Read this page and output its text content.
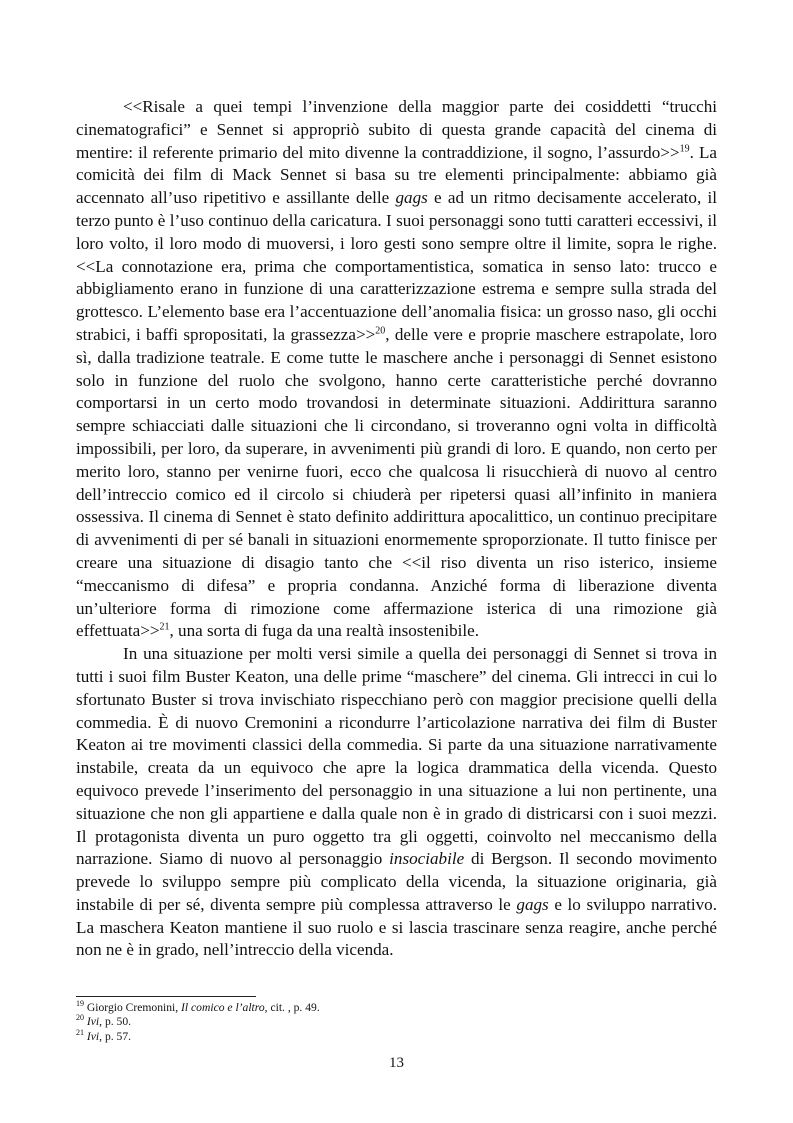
<<Risale a quei tempi l’invenzione della maggior parte dei cosiddetti “trucchi cinematografici” e Sennet si appropriò subito di questa grande capacità del cinema di mentire: il referente primario del mito divenne la contraddizione, il sogno, l’assurdo>>$^{19}$. La comicità dei film di Mack Sennet si basa su tre elementi principalmente: abbiamo già accennato all’uso ripetitivo e assillante delle gags e ad un ritmo decisamente accelerato, il terzo punto è l’uso continuo della caricatura. I suoi personaggi sono tutti caratteri eccessivi, il loro volto, il loro modo di muoversi, i loro gesti sono sempre oltre il limite, sopra le righe. <<La connotazione era, prima che comportamentistica, somatica in senso lato: trucco e abbigliamento erano in funzione di una caratterizzazione estrema e sempre sulla strada del grottesco. L’elemento base era l’accentuazione dell’anomalia fisica: un grosso naso, gli occhi strabici, i baffi spropositati, la grassezza>>$^{20}$, delle vere e proprie maschere estrapolate, loro sì, dalla tradizione teatrale. E come tutte le maschere anche i personaggi di Sennet esistono solo in funzione del ruolo che svolgono, hanno certe caratteristiche perché dovranno comportarsi in un certo modo trovandosi in determinate situazioni. Addirittura saranno sempre schiacciati dalle situazioni che li circondano, si troveranno ogni volta in difficoltà impossibili, per loro, da superare, in avvenimenti più grandi di loro. E quando, non certo per merito loro, stanno per venirne fuori, ecco che qualcosa li risucchierà di nuovo al centro dell’intreccio comico ed il circolo si chiuderà per ripetersi quasi all’infinito in maniera ossessiva. Il cinema di Sennet è stato definito addirittura apocalittico, un continuo precipitare di avvenimenti di per sé banali in situazioni enormemente sproporzionate. Il tutto finisce per creare una situazione di disagio tanto che <<il riso diventa un riso isterico, insieme “meccanismo di difesa” e propria condanna. Anziché forma di liberazione diventa un’ulteriore forma di rimozione come affermazione isterica di una rimozione già effettuata>>$^{21}$, una sorta di fuga da una realtà insostenibile.

In una situazione per molti versi simile a quella dei personaggi di Sennet si trova in tutti i suoi film Buster Keaton, una delle prime “maschere” del cinema. Gli intrecci in cui lo sfortunato Buster si trova invischiato rispecchiano però con maggior precisione quelli della commedia. È di nuovo Cremonini a ricondurre l’articolazione narrativa dei film di Buster Keaton ai tre movimenti classici della commedia. Si parte da una situazione narrativamente instabile, creata da un equivoco che apre la logica drammatica della vicenda. Questo equivoco prevede l’inserimento del personaggio in una situazione a lui non pertinente, una situazione che non gli appartiene e dalla quale non è in grado di districarsi con i suoi mezzi. Il protagonista diventa un puro oggetto tra gli oggetti, coinvolto nel meccanismo della narrazione. Siamo di nuovo al personaggio insociabile di Bergson. Il secondo movimento prevede lo sviluppo sempre più complicato della vicenda, la situazione originaria, già instabile di per sé, diventa sempre più complessa attraverso le gags e lo sviluppo narrativo. La maschera Keaton mantiene il suo ruolo e si lascia trascinare senza reagire, anche perché non ne è in grado, nell’intreccio della vicenda.

$^{19}$ Giorgio Cremonini, Il comico e l’altro, cit. , p. 49.
$^{20}$ Ivi, p. 50.
$^{21}$ Ivi, p. 57.
13
